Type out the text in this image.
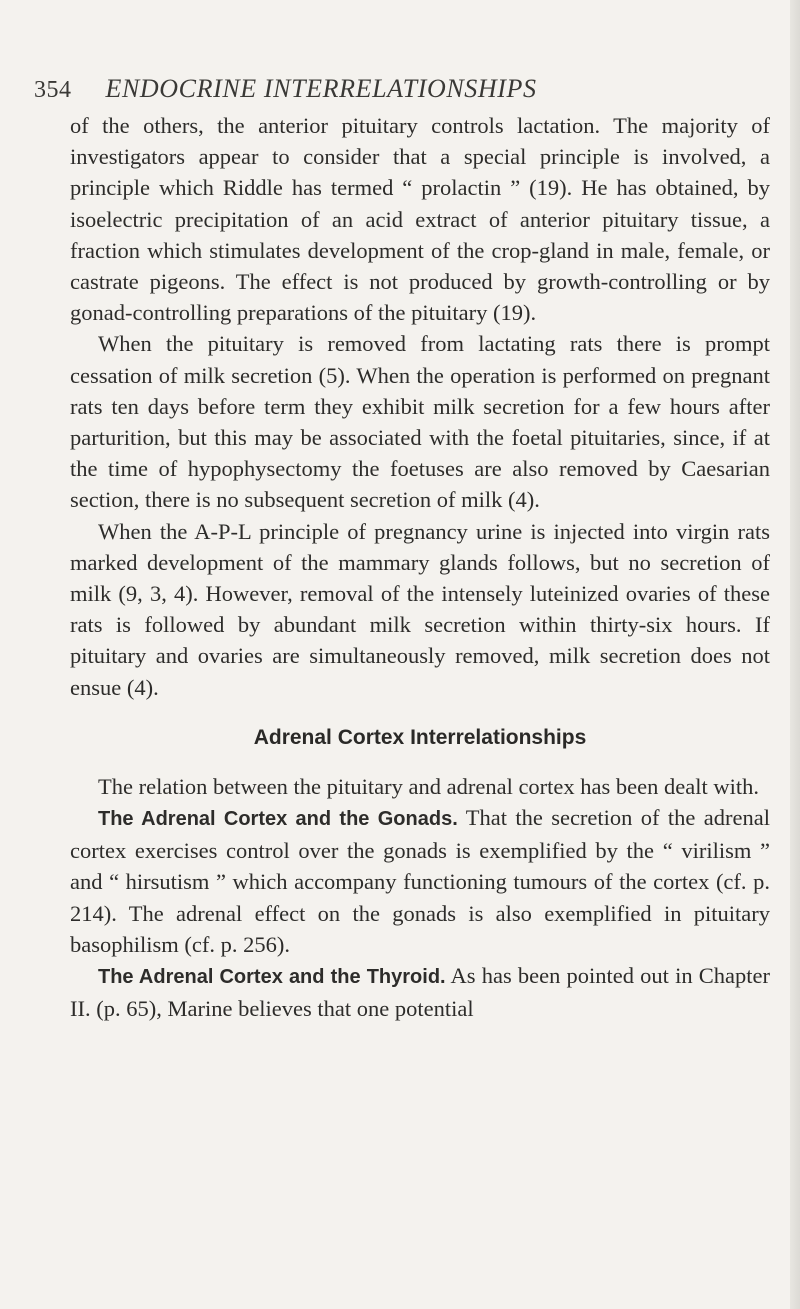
354 ENDOCRINE INTERRELATIONSHIPS

of the others, the anterior pituitary controls lactation. The majority of investigators appear to consider that a special principle is involved, a principle which Riddle has termed “ prolactin ” (19). He has obtained, by isoelectric precipitation of an acid extract of anterior pituitary tissue, a fraction which stimulates development of the crop-gland in male, female, or castrate pigeons. The effect is not produced by growth-controlling or by gonad-controlling preparations of the pituitary (19).

When the pituitary is removed from lactating rats there is prompt cessation of milk secretion (5). When the operation is performed on pregnant rats ten days before term they exhibit milk secretion for a few hours after parturition, but this may be associated with the foetal pituitaries, since, if at the time of hypophysectomy the foetuses are also removed by Caesarian section, there is no subsequent secretion of milk (4).

When the A-P-L principle of pregnancy urine is injected into virgin rats marked development of the mammary glands follows, but no secretion of milk (9, 3, 4). However, removal of the intensely luteinized ovaries of these rats is followed by abundant milk secretion within thirty-six hours. If pituitary and ovaries are simultaneously removed, milk secretion does not ensue (4).

Adrenal Cortex Interrelationships

The relation between the pituitary and adrenal cortex has been dealt with.

The Adrenal Cortex and the Gonads. That the secretion of the adrenal cortex exercises control over the gonads is exemplified by the “ virilism ” and “ hirsutism ” which accompany functioning tumours of the cortex (cf. p. 214). The adrenal effect on the gonads is also exemplified in pituitary basophilism (cf. p. 256).

The Adrenal Cortex and the Thyroid. As has been pointed out in Chapter II. (p. 65), Marine believes that one potential
